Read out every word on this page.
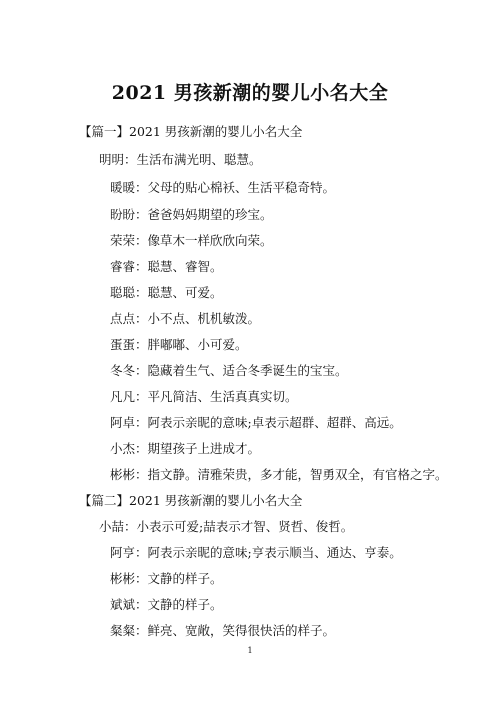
2021 男孩新潮的婴儿小名大全
【篇一】2021 男孩新潮的婴儿小名大全
明明：生活布满光明、聪慧。
暖暖：父母的贴心棉袄、生活平稳奇特。
盼盼：爸爸妈妈期望的珍宝。
荣荣：像草木一样欣欣向荣。
睿睿：聪慧、睿智。
聪聪：聪慧、可爱。
点点：小不点、机机敏泼。
蛋蛋：胖嘟嘟、小可爱。
冬冬：隐藏着生气、适合冬季诞生的宝宝。
凡凡：平凡简洁、生活真真实切。
阿卓：阿表示亲昵的意味;卓表示超群、超群、高远。
小杰：期望孩子上进成才。
彬彬：指文静。清雅荣贵，多才能，智勇双全，有官格之字。
【篇二】2021 男孩新潮的婴儿小名大全
小喆：小表示可爱;喆表示才智、贤哲、俊哲。
阿亨：阿表示亲昵的意味;亨表示顺当、通达、亨泰。
彬彬：文静的样子。
斌斌：文静的样子。
粲粲：鲜亮、宽敞，笑得很快活的样子。
1
